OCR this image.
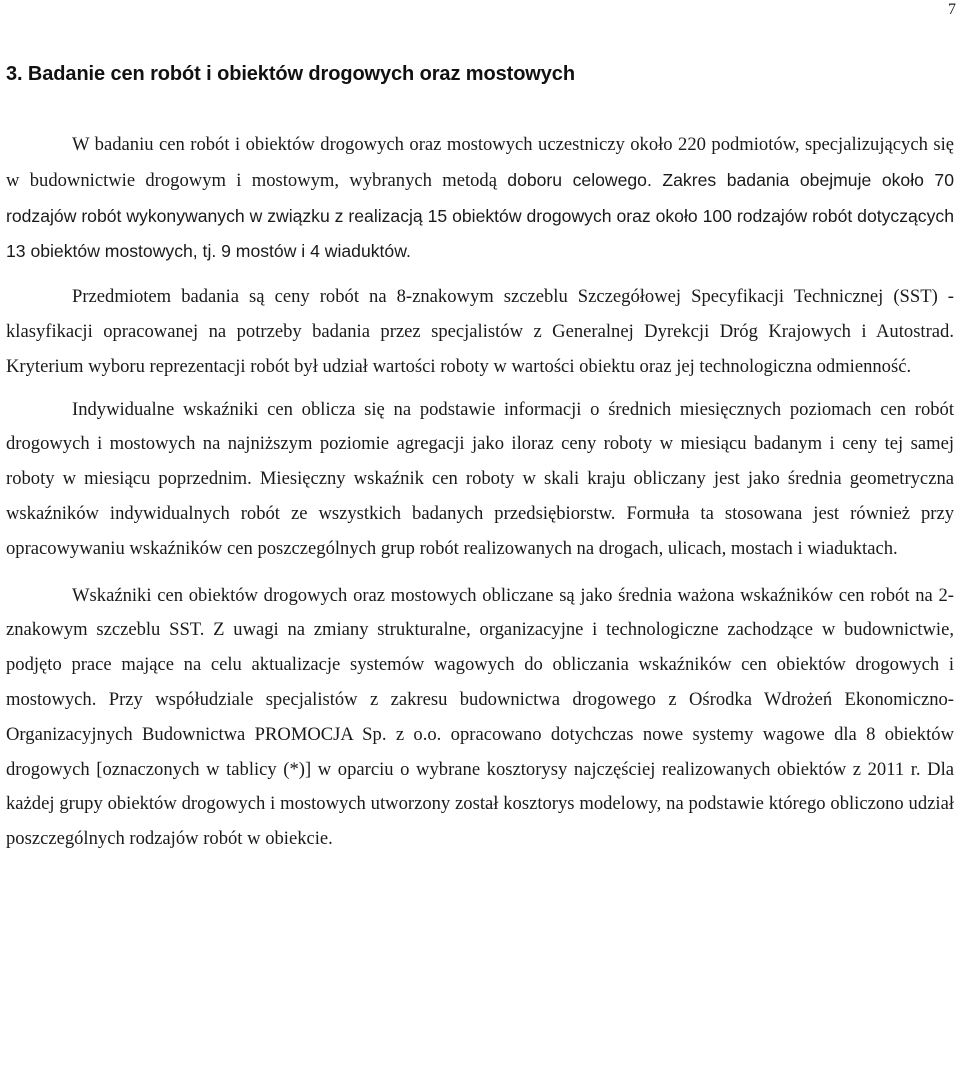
7
3. Badanie cen robót i obiektów drogowych oraz mostowych

W badaniu cen robót i obiektów drogowych oraz mostowych uczestniczy około 220 podmiotów, specjalizujących się w budownictwie drogowym i mostowym, wybranych metodą doboru celowego. Zakres badania obejmuje około 70 rodzajów robót wykonywanych w związku z realizacją 15 obiektów drogowych oraz około 100 rodzajów robót dotyczących 13 obiektów mostowych, tj. 9 mostów i 4 wiaduktów.

Przedmiotem badania są ceny robót na 8-znakowym szczeblu Szczegółowej Specyfikacji Technicznej (SST) - klasyfikacji opracowanej na potrzeby badania przez specjalistów z Generalnej Dyrekcji Dróg Krajowych i Autostrad. Kryterium wyboru reprezentacji robót był udział wartości roboty w wartości obiektu oraz jej technologiczna odmienność.

Indywidualne wskaźniki cen oblicza się na podstawie informacji o średnich miesięcznych poziomach cen robót drogowych i mostowych na najniższym poziomie agregacji jako iloraz ceny roboty w miesiącu badanym i ceny tej samej roboty w miesiącu poprzednim. Miesięczny wskaźnik cen roboty w skali kraju obliczany jest jako średnia geometryczna wskaźników indywidualnych robót ze wszystkich badanych przedsiębiorstw. Formuła ta stosowana jest również przy opracowywaniu wskaźników cen poszczególnych grup robót realizowanych na drogach, ulicach, mostach i wiaduktach.

Wskaźniki cen obiektów drogowych oraz mostowych obliczane są jako średnia ważona wskaźników cen robót na 2-znakowym szczeblu SST. Z uwagi na zmiany strukturalne, organizacyjne i technologiczne zachodzące w budownictwie, podjęto prace mające na celu aktualizacje systemów wagowych do obliczania wskaźników cen obiektów drogowych i mostowych. Przy współudziale specjalistów z zakresu budownictwa drogowego z Ośrodka Wdrożeń Ekonomiczno-Organizacyjnych Budownictwa PROMOCJA Sp. z o.o. opracowano dotychczas nowe systemy wagowe dla 8 obiektów drogowych [oznaczonych w tablicy (*)] w oparciu o wybrane kosztorysy najczęściej realizowanych obiektów z 2011 r. Dla każdej grupy obiektów drogowych i mostowych utworzony został kosztorys modelowy, na podstawie którego obliczono udział poszczególnych rodzajów robót w obiekcie.
